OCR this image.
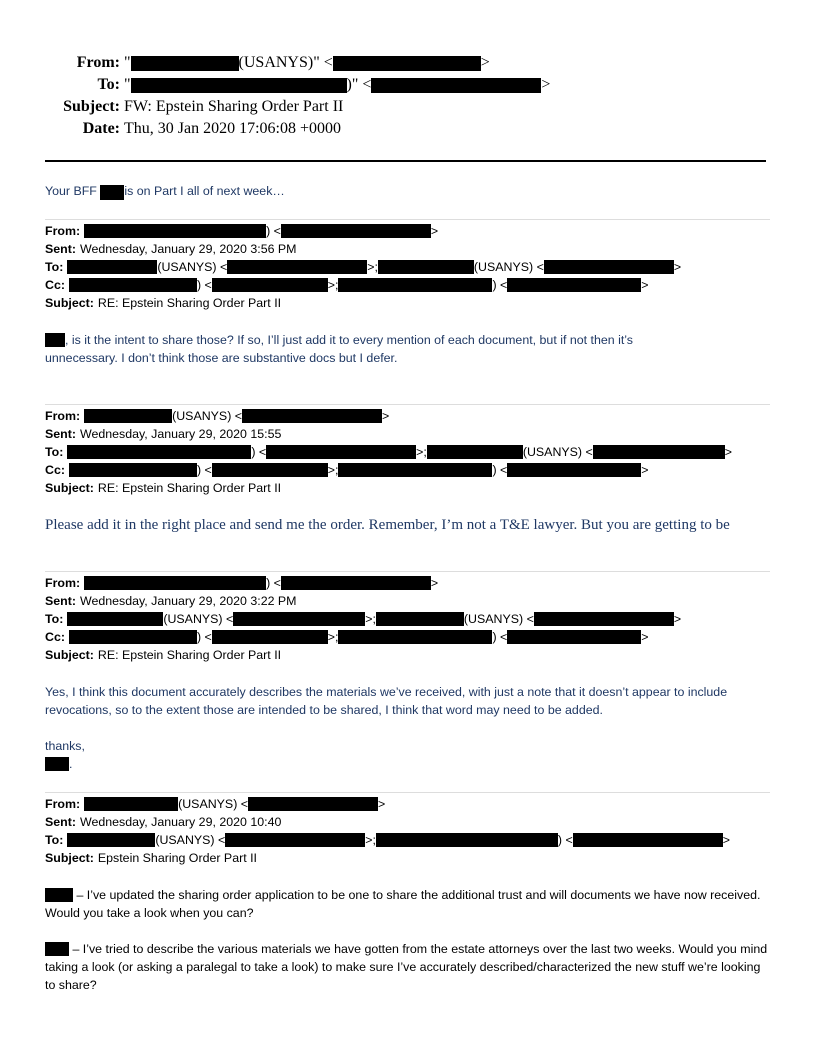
From: "	(USANYS)" <	>
To: "	)" <	>
Subject: FW: Epstein Sharing Order Part II
Date: Thu, 30 Jan 2020 17:06:08 +0000
Your BFF is on Part I all of next week…
From:	) <	>
Sent: Wednesday, January 29, 2020 3:56 PM
To:	(USANYS) <	>;	(USANYS) <	>
Cc:	) <	>;	) <	>
Subject: RE: Epstein Sharing Order Part II
, is it the intent to share those? If so, I’ll just add it to every mention of each document, but if not then it’s
unnecessary. I don’t think those are substantive docs but I defer.
From:	(USANYS) <	>
Sent: Wednesday, January 29, 2020 15:55
To:	) <	>;	(USANYS) <	>
Cc:	) <	>;	) <	>
Subject: RE: Epstein Sharing Order Part II
Please add it in the right place and send me the order. Remember, I’m not a T&E lawyer. But you are getting to be
From:	) <	>
Sent: Wednesday, January 29, 2020 3:22 PM
To:	(USANYS) <	>;	(USANYS) <	>
Cc:	) <	>;	) <	>
Subject: RE: Epstein Sharing Order Part II
Yes, I think this document accurately describes the materials we’ve received, with just a note that it doesn’t appear to include revocations, so to the extent those are intended to be shared, I think that word may need to be added.
thanks,
.
From:	(USANYS) <	>
Sent: Wednesday, January 29, 2020 10:40
To:	(USANYS) <	>;	) <	>
Subject: Epstein Sharing Order Part II
– I’ve updated the sharing order application to be one to share the additional trust and will documents we have now received. Would you take a look when you can?
– I’ve tried to describe the various materials we have gotten from the estate attorneys over the last two weeks. Would you mind taking a look (or asking a paralegal to take a look) to make sure I’ve accurately described/characterized the new stuff we’re looking to share?
